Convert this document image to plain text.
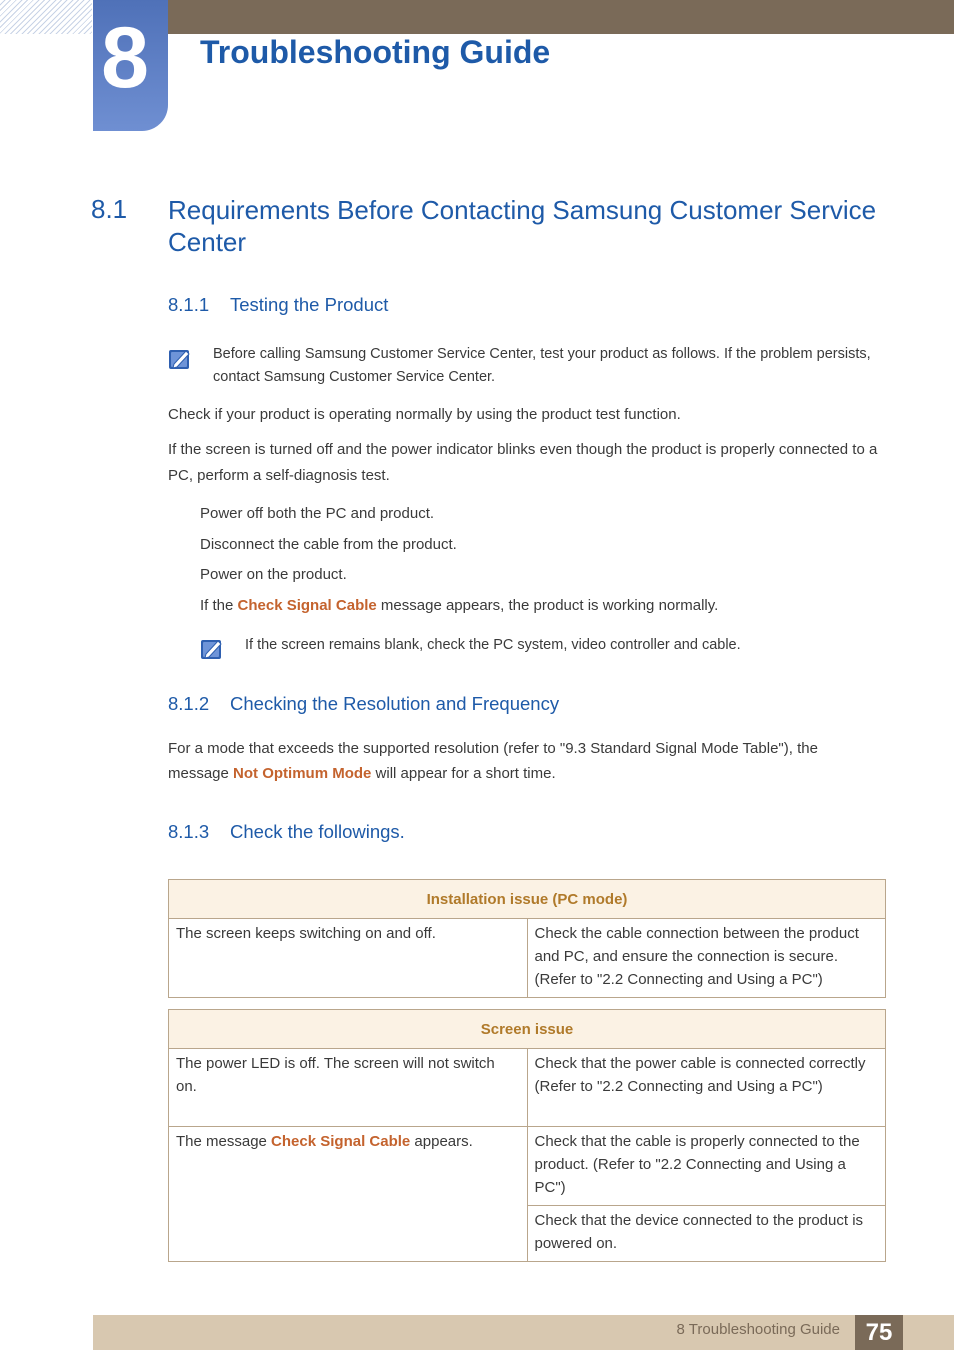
8 Troubleshooting Guide
8.1 Requirements Before Contacting Samsung Customer Service Center
8.1.1 Testing the Product
Before calling Samsung Customer Service Center, test your product as follows. If the problem persists, contact Samsung Customer Service Center.
Check if your product is operating normally by using the product test function.
If the screen is turned off and the power indicator blinks even though the product is properly connected to a PC, perform a self-diagnosis test.
Power off both the PC and product.
Disconnect the cable from the product.
Power on the product.
If the Check Signal Cable message appears, the product is working normally.
If the screen remains blank, check the PC system, video controller and cable.
8.1.2 Checking the Resolution and Frequency
For a mode that exceeds the supported resolution (refer to "9.3 Standard Signal Mode Table"), the message Not Optimum Mode will appear for a short time.
8.1.3 Check the followings.
Installation issue (PC mode)
The screen keeps switching on and off.	Check the cable connection between the product and PC, and ensure the connection is secure. (Refer to "2.2 Connecting and Using a PC")
Screen issue	
The power LED is off. The screen will not switch on.	Check that the power cable is connected correctly (Refer to "2.2 Connecting and Using a PC")
The message Check Signal Cable appears.	Check that the cable is properly connected to the product. (Refer to "2.2 Connecting and Using a PC")
	Check that the device connected to the product is powered on.
8 Troubleshooting Guide	75
